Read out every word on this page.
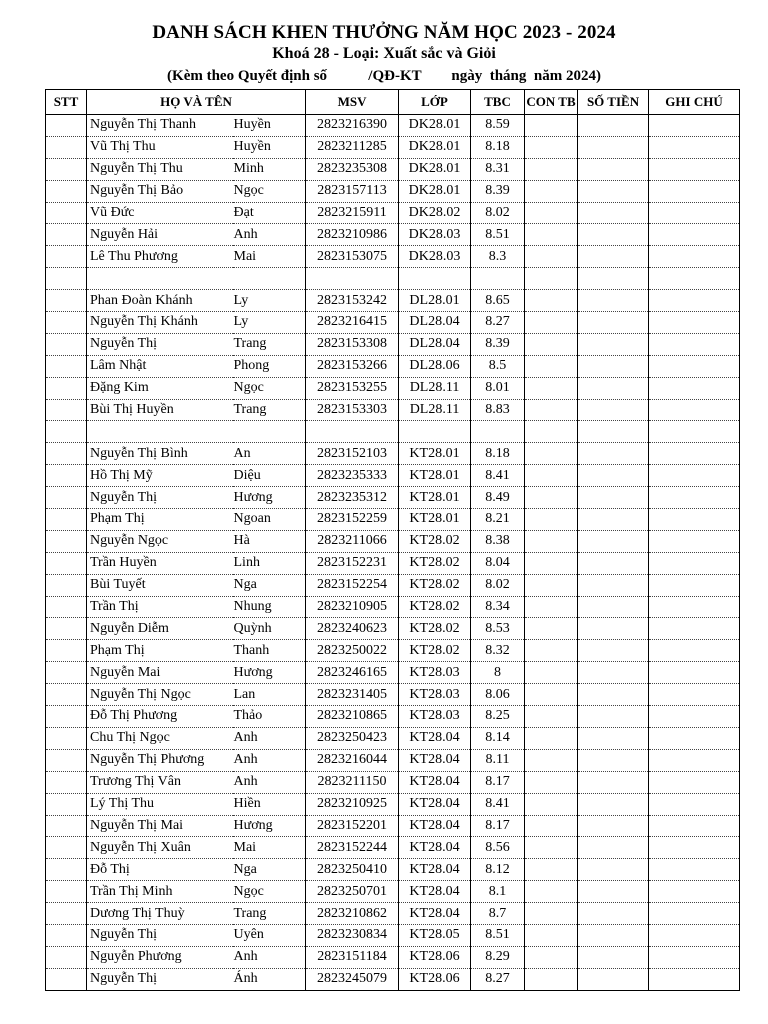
DANH SÁCH KHEN THƯỞNG NĂM HỌC 2023 - 2024
Khoá 28 - Loại: Xuất sắc và Giỏi
(Kèm theo Quyết định số           /QĐ-KT        ngày  tháng  năm 2024)
STT	HỌ VÀ TÊN		MSV	LỚP	TBC	CON TB	SỐ TIỀN	GHI CHÚ
	Nguyễn Thị Thanh	Huyền	2823216390	DK28.01	8.59			
	Vũ Thị Thu	Huyền	2823211285	DK28.01	8.18			
	Nguyễn Thị Thu	Minh	2823235308	DK28.01	8.31			
	Nguyễn Thị Bảo	Ngọc	2823157113	DK28.01	8.39			
	Vũ Đức	Đạt	2823215911	DK28.02	8.02			
	Nguyễn Hải	Anh	2823210986	DK28.03	8.51			
	Lê Thu Phương	Mai	2823153075	DK28.03	8.3			

	Phan Đoàn Khánh	Ly	2823153242	DL28.01	8.65			
	Nguyễn Thị Khánh	Ly	2823216415	DL28.04	8.27			
	Nguyễn Thị	Trang	2823153308	DL28.04	8.39			
	Lâm Nhật	Phong	2823153266	DL28.06	8.5			
	Đặng Kim	Ngọc	2823153255	DL28.11	8.01			
	Bùi Thị Huyền	Trang	2823153303	DL28.11	8.83			

	Nguyễn Thị Bình	An	2823152103	KT28.01	8.18			
	Hồ Thị Mỹ	Diệu	2823235333	KT28.01	8.41			
	Nguyễn Thị	Hương	2823235312	KT28.01	8.49			
	Phạm Thị	Ngoan	2823152259	KT28.01	8.21			
	Nguyễn Ngọc	Hà	2823211066	KT28.02	8.38			
	Trần Huyền	Linh	2823152231	KT28.02	8.04			
	Bùi Tuyết	Nga	2823152254	KT28.02	8.02			
	Trần Thị	Nhung	2823210905	KT28.02	8.34			
	Nguyễn Diễm	Quỳnh	2823240623	KT28.02	8.53			
	Phạm Thị	Thanh	2823250022	KT28.02	8.32			
	Nguyễn Mai	Hương	2823246165	KT28.03	8			
	Nguyễn Thị Ngọc	Lan	2823231405	KT28.03	8.06			
	Đỗ Thị Phương	Thảo	2823210865	KT28.03	8.25			
	Chu Thị Ngọc	Anh	2823250423	KT28.04	8.14			
	Nguyễn Thị Phương	Anh	2823216044	KT28.04	8.11			
	Trương Thị Vân	Anh	2823211150	KT28.04	8.17			
	Lý Thị Thu	Hiền	2823210925	KT28.04	8.41			
	Nguyễn Thị Mai	Hương	2823152201	KT28.04	8.17			
	Nguyễn Thị Xuân	Mai	2823152244	KT28.04	8.56			
	Đỗ Thị	Nga	2823250410	KT28.04	8.12			
	Trần Thị Minh	Ngọc	2823250701	KT28.04	8.1			
	Dương Thị Thuỳ	Trang	2823210862	KT28.04	8.7			
	Nguyễn Thị	Uyên	2823230834	KT28.05	8.51			
	Nguyễn Phương	Anh	2823151184	KT28.06	8.29			
	Nguyễn Thị	Ánh	2823245079	KT28.06	8.27			
